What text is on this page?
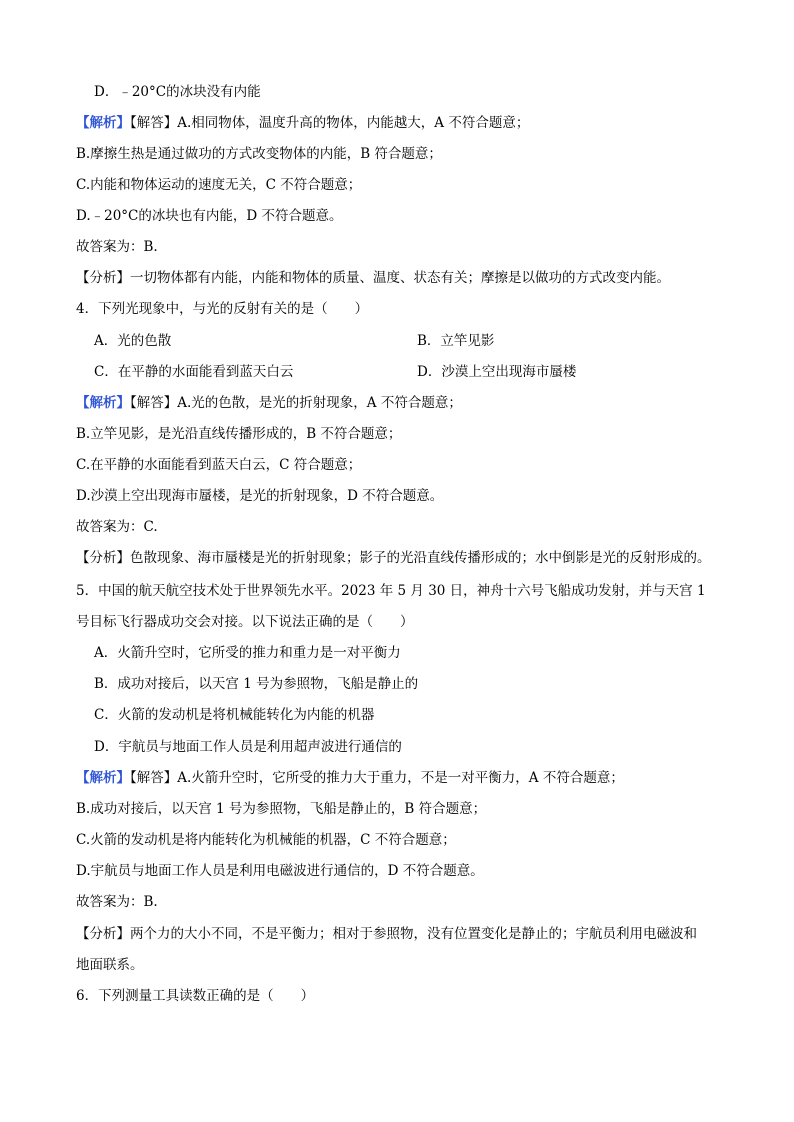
D．﹣20°C的冰块没有内能
【解析】【解答】A.相同物体，温度升高的物体，内能越大，A 不符合题意；
B.摩擦生热是通过做功的方式改变物体的内能，B 符合题意；
C.内能和物体运动的速度无关，C 不符合题意；
D.﹣20°C的冰块也有内能，D 不符合题意。
故答案为：B.
【分析】一切物体都有内能，内能和物体的质量、温度、状态有关；摩擦是以做功的方式改变内能。
4．下列光现象中，与光的反射有关的是（　　）
A．光的色散	B．立竿见影
C．在平静的水面能看到蓝天白云	D．沙漠上空出现海市蜃楼
【解析】【解答】A.光的色散，是光的折射现象，A 不符合题意；
B.立竿见影，是光沿直线传播形成的，B 不符合题意；
C.在平静的水面能看到蓝天白云，C 符合题意；
D.沙漠上空出现海市蜃楼，是光的折射现象，D 不符合题意。
故答案为：C.
【分析】色散现象、海市蜃楼是光的折射现象；影子的光沿直线传播形成的；水中倒影是光的反射形成的。
5．中国的航天航空技术处于世界领先水平。2023 年 5 月 30 日，神舟十六号飞船成功发射，并与天宫 1
号目标飞行器成功交会对接。以下说法正确的是（　　）
A．火箭升空时，它所受的推力和重力是一对平衡力
B．成功对接后，以天宫 1 号为参照物，飞船是静止的
C．火箭的发动机是将机械能转化为内能的机器
D．宇航员与地面工作人员是利用超声波进行通信的
【解析】【解答】A.火箭升空时，它所受的推力大于重力，不是一对平衡力，A 不符合题意；
B.成功对接后，以天宫 1 号为参照物，飞船是静止的，B 符合题意；
C.火箭的发动机是将内能转化为机械能的机器，C 不符合题意；
D.宇航员与地面工作人员是利用电磁波进行通信的，D 不符合题意。
故答案为：B.
【分析】两个力的大小不同，不是平衡力；相对于参照物，没有位置变化是静止的；宇航员利用电磁波和
地面联系。
6．下列测量工具读数正确的是（　　）
